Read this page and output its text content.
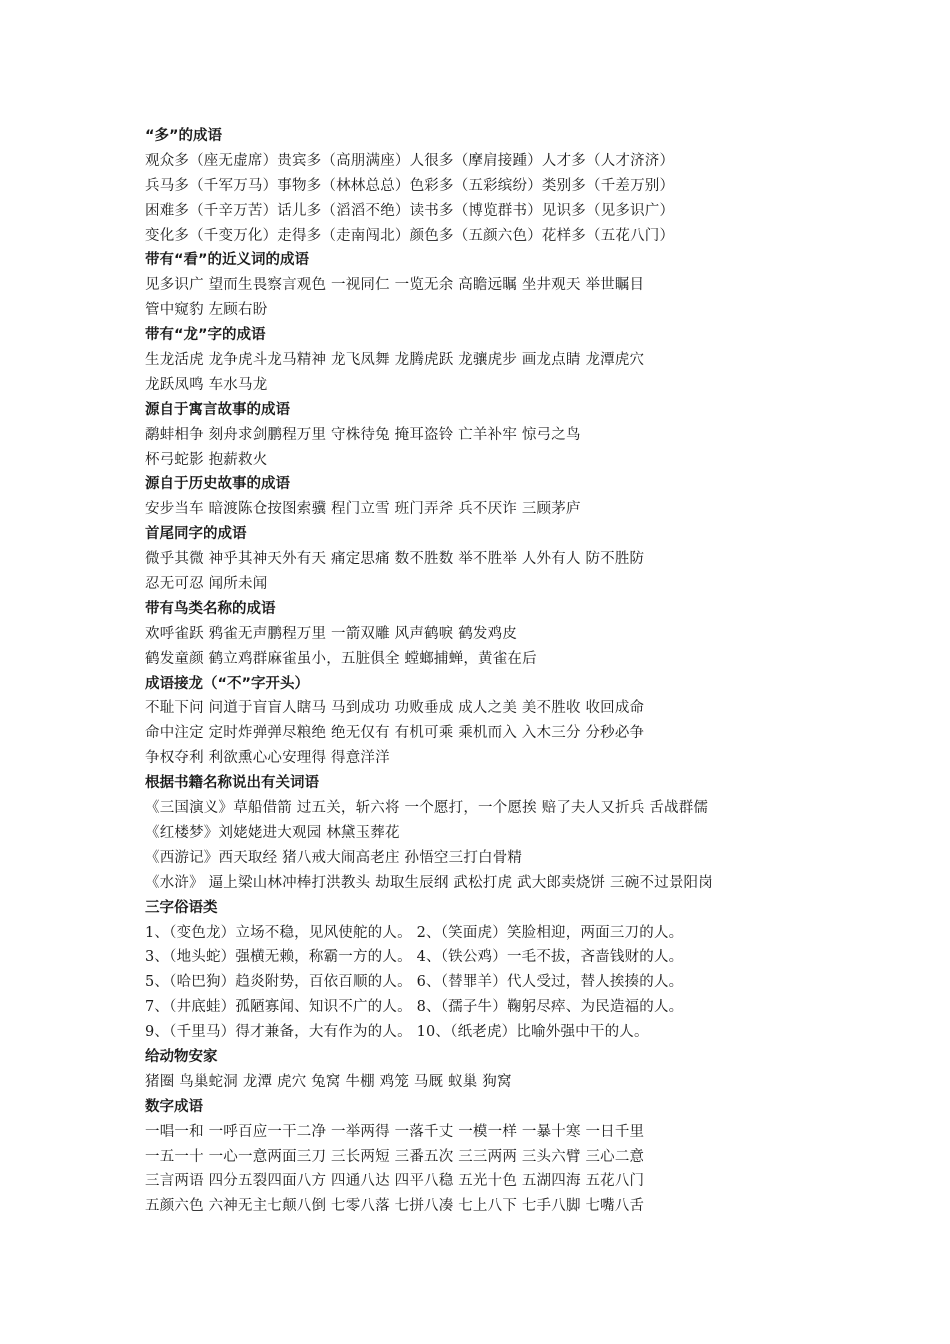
“多”的成语
观众多（座无虚席）贵宾多（高朋满座）人很多（摩肩接踵）人才多（人才济济）
兵马多（千军万马）事物多（林林总总）色彩多（五彩缤纷）类别多（千差万别）
困难多（千辛万苦）话儿多（滔滔不绝）读书多（博览群书）见识多（见多识广）
变化多（千变万化）走得多（走南闯北）颜色多（五颜六色）花样多（五花八门）
带有“看”的近义词的成语
见多识广 望而生畏察言观色 一视同仁 一览无余 高瞻远瞩 坐井观天 举世瞩目
管中窥豹 左顾右盼
带有“龙”字的成语
生龙活虎 龙争虎斗龙马精神 龙飞凤舞 龙腾虎跃 龙骧虎步 画龙点睛 龙潭虎穴
龙跃凤鸣 车水马龙
源自于寓言故事的成语
鹬蚌相争 刻舟求剑鹏程万里 守株待兔 掩耳盗铃 亡羊补牢 惊弓之鸟
杯弓蛇影 抱薪救火
源自于历史故事的成语
安步当车 暗渡陈仓按图索骥 程门立雪 班门弄斧 兵不厌诈 三顾茅庐
首尾同字的成语
微乎其微 神乎其神天外有天 痛定思痛 数不胜数 举不胜举 人外有人 防不胜防
忍无可忍 闻所未闻
带有鸟类名称的成语
欢呼雀跃 鸦雀无声鹏程万里 一箭双雕 风声鹤唳 鹤发鸡皮
鹤发童颜 鹤立鸡群麻雀虽小，五脏俱全 螳螂捕蝉，黄雀在后
成语接龙（“不”字开头）
不耻下问 问道于盲盲人瞎马 马到成功 功败垂成 成人之美 美不胜收 收回成命
命中注定 定时炸弹弹尽粮绝 绝无仅有 有机可乘 乘机而入 入木三分 分秒必争
争权夺利 利欲熏心心安理得 得意洋洋
根据书籍名称说出有关词语
《三国演义》草船借箭 过五关，斩六将 一个愿打，一个愿挨 赔了夫人又折兵 舌战群儒
《红楼梦》刘姥姥进大观园 林黛玉葬花
《西游记》西天取经 猪八戒大闹高老庄 孙悟空三打白骨精
《水浒》 逼上梁山林冲棒打洪教头 劫取生辰纲 武松打虎 武大郎卖烧饼 三碗不过景阳岗
三字俗语类
1、（变色龙）立场不稳，见风使舵的人。 2、（笑面虎）笑脸相迎，两面三刀的人。
3、（地头蛇）强横无赖，称霸一方的人。 4、（铁公鸡）一毛不拔，吝啬钱财的人。
5、（哈巴狗）趋炎附势，百依百顺的人。 6、（替罪羊）代人受过，替人挨揍的人。
7、（井底蛙）孤陋寡闻、知识不广的人。 8、（孺子牛）鞠躬尽瘁、为民造福的人。
9、（千里马）得才兼备，大有作为的人。 10、（纸老虎）比喻外强中干的人。
给动物安家
猪圈 鸟巢蛇洞 龙潭 虎穴 兔窝 牛棚 鸡笼 马厩 蚁巢 狗窝
数字成语
一唱一和 一呼百应一干二净 一举两得 一落千丈 一模一样 一暴十寒 一日千里
一五一十 一心一意两面三刀 三长两短 三番五次 三三两两 三头六臂 三心二意
三言两语 四分五裂四面八方 四通八达 四平八稳 五光十色 五湖四海 五花八门
五颜六色 六神无主七颠八倒 七零八落 七拼八凑 七上八下 七手八脚 七嘴八舌
